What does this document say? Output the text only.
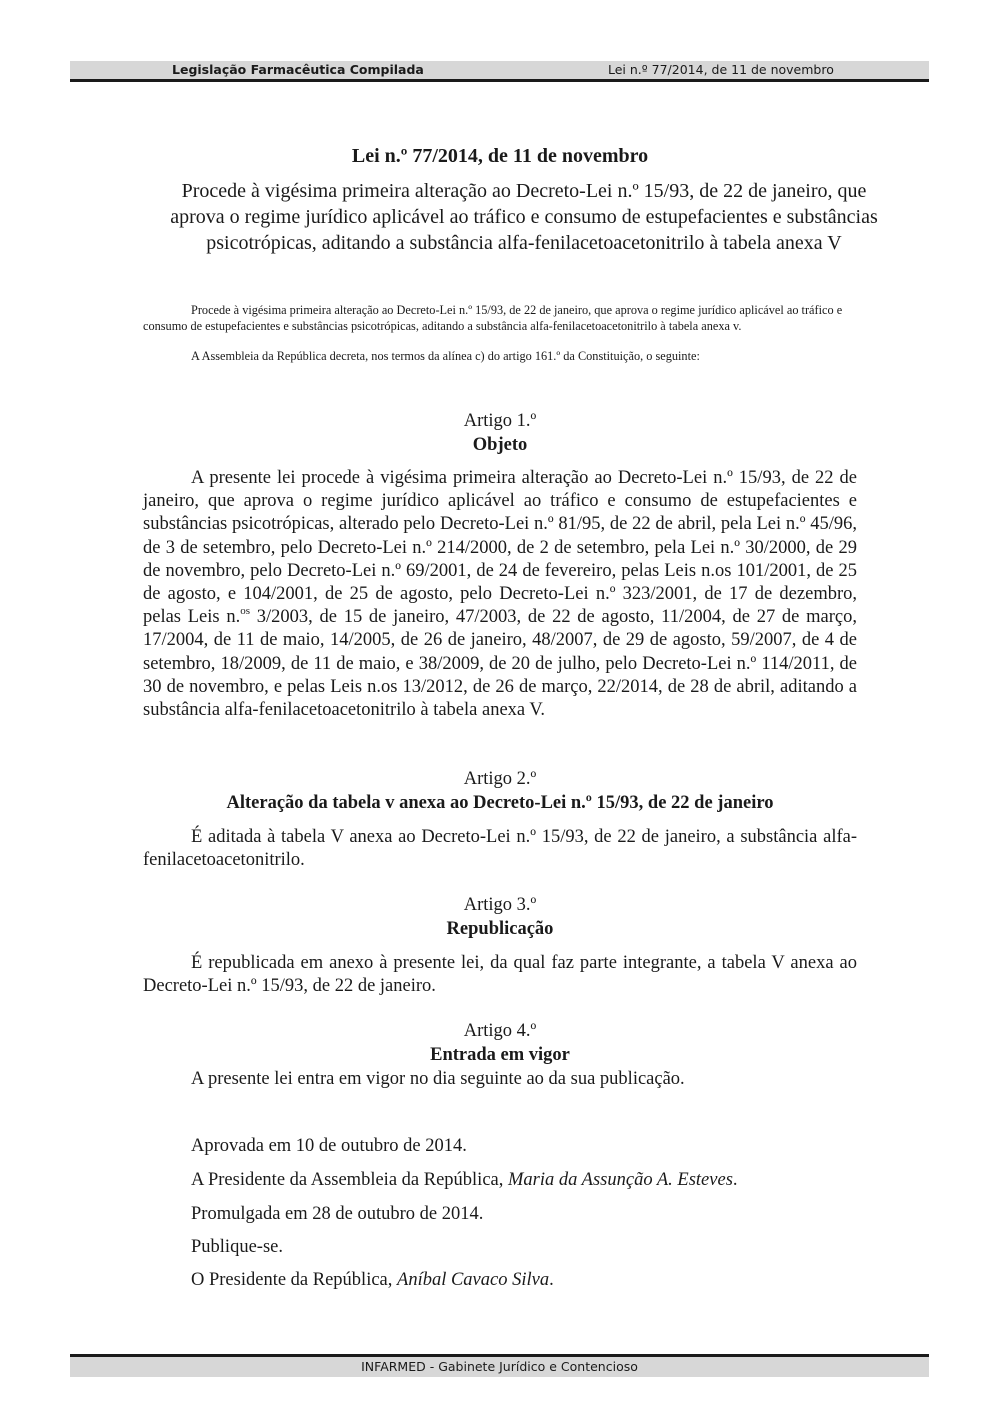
Legislação Farmacêutica Compilada	Lei n.º 77/2014, de 11 de novembro
Lei n.º 77/2014, de 11 de novembro
Procede à vigésima primeira alteração ao Decreto-Lei n.º 15/93, de 22 de janeiro, que aprova o regime jurídico aplicável ao tráfico e consumo de estupefacientes e substâncias psicotrópicas, aditando a substância alfa-fenilacetoacetonitrilo à tabela anexa V
Procede à vigésima primeira alteração ao Decreto-Lei n.º 15/93, de 22 de janeiro, que aprova o regime jurídico aplicável ao tráfico e consumo de estupefacientes e substâncias psicotrópicas, aditando a substância alfa-fenilacetoacetonitrilo à tabela anexa v.
A Assembleia da República decreta, nos termos da alínea c) do artigo 161.º da Constituição, o seguinte:
Artigo 1.º
Objeto
A presente lei procede à vigésima primeira alteração ao Decreto-Lei n.º 15/93, de 22 de janeiro, que aprova o regime jurídico aplicável ao tráfico e consumo de estupefacientes e substâncias psicotrópicas, alterado pelo Decreto-Lei n.º 81/95, de 22 de abril, pela Lei n.º 45/96, de 3 de setembro, pelo Decreto-Lei n.º 214/2000, de 2 de setembro, pela Lei n.º 30/2000, de 29 de novembro, pelo Decreto-Lei n.º 69/2001, de 24 de fevereiro, pelas Leis n.os 101/2001, de 25 de agosto, e 104/2001, de 25 de agosto, pelo Decreto-Lei n.º 323/2001, de 17 de dezembro, pelas Leis n.$^{os}$ 3/2003, de 15 de janeiro, 47/2003, de 22 de agosto, 11/2004, de 27 de março, 17/2004, de 11 de maio, 14/2005, de 26 de janeiro, 48/2007, de 29 de agosto, 59/2007, de 4 de setembro, 18/2009, de 11 de maio, e 38/2009, de 20 de julho, pelo Decreto-Lei n.º 114/2011, de 30 de novembro, e pelas Leis n.os 13/2012, de 26 de março, 22/2014, de 28 de abril, aditando a substância alfa-fenilacetoacetonitrilo à tabela anexa V.
Artigo 2.º
Alteração da tabela v anexa ao Decreto-Lei n.º 15/93, de 22 de janeiro
É aditada à tabela V anexa ao Decreto-Lei n.º 15/93, de 22 de janeiro, a substância alfa-fenilacetoacetonitrilo.
Artigo 3.º
Republicação
É republicada em anexo à presente lei, da qual faz parte integrante, a tabela V anexa ao Decreto-Lei n.º 15/93, de 22 de janeiro.
Artigo 4.º
Entrada em vigor
A presente lei entra em vigor no dia seguinte ao da sua publicação.
Aprovada em 10 de outubro de 2014.
A Presidente da Assembleia da República, Maria da Assunção A. Esteves.
Promulgada em 28 de outubro de 2014.
Publique-se.
O Presidente da República, Aníbal Cavaco Silva.
INFARMED - Gabinete Jurídico e Contencioso
